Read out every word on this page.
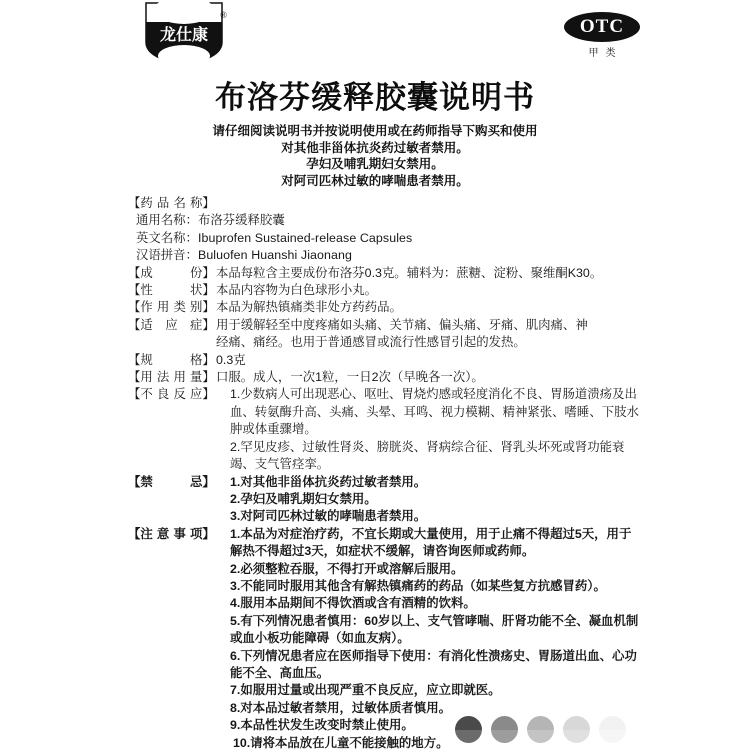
龙仕康
®
OTC
甲类
布洛芬缓释胶囊说明书
请仔细阅读说明书并按说明使用或在药师指导下购买和使用
对其他非甾体抗炎药过敏者禁用。
孕妇及哺乳期妇女禁用。
对阿司匹林过敏的哮喘患者禁用。
【药品名称】

通用名称：布洛芬缓释胶囊

英文名称：Ibuprofen Sustained-release Capsules

汉语拼音：Buluofen Huanshi Jiaonang

【成份】 本品每粒含主要成份布洛芬0.3克。辅料为：蔗糖、淀粉、聚维酮K30。

【性状】 本品内容物为白色球形小丸。

【作用类别】 本品为解热镇痛类非处方药药品。

【适应症】 用于缓解轻至中度疼痛如头痛、关节痛、偏头痛、牙痛、肌肉痛、神

经痛、痛经。也用于普通感冒或流行性感冒引起的发热。

【规格】 0.3克

【用法用量】 口服。成人，一次1粒，一日2次（早晚各一次）。

【不良反应】	1.少数病人可出现恶心、呕吐、胃烧灼感或轻度消化不良、胃肠道溃疡及出血、转氨酶升高、头痛、头晕、耳鸣、视力模糊、精神紧张、嗜睡、下肢水肿或体重骤增。

2.罕见皮疹、过敏性肾炎、膀胱炎、肾病综合征、肾乳头坏死或肾功能衰竭、支气管痉挛。

【禁忌】	1.对其他非甾体抗炎药过敏者禁用。

2.孕妇及哺乳期妇女禁用。

3.对阿司匹林过敏的哮喘患者禁用。

【注意事项】	1.本品为对症治疗药，不宜长期或大量使用，用于止痛不得超过5天，用于解热不得超过3天，如症状不缓解，请咨询医师或药师。

2.必须整粒吞服，不得打开或溶解后服用。

3.不能同时服用其他含有解热镇痛药的药品（如某些复方抗感冒药）。

4.服用本品期间不得饮酒或含有酒精的饮料。

5.有下列情况患者慎用：60岁以上、支气管哮喘、肝肾功能不全、凝血机制或血小板功能障碍（如血友病）。

6.下列情况患者应在医师指导下使用：有消化性溃疡史、胃肠道出血、心功能不全、高血压。

7.如服用过量或出现严重不良反应，应立即就医。

8.对本品过敏者禁用，过敏体质者慎用。

9.本品性状发生改变时禁止使用。

10.请将本品放在儿童不能接触的地方。
